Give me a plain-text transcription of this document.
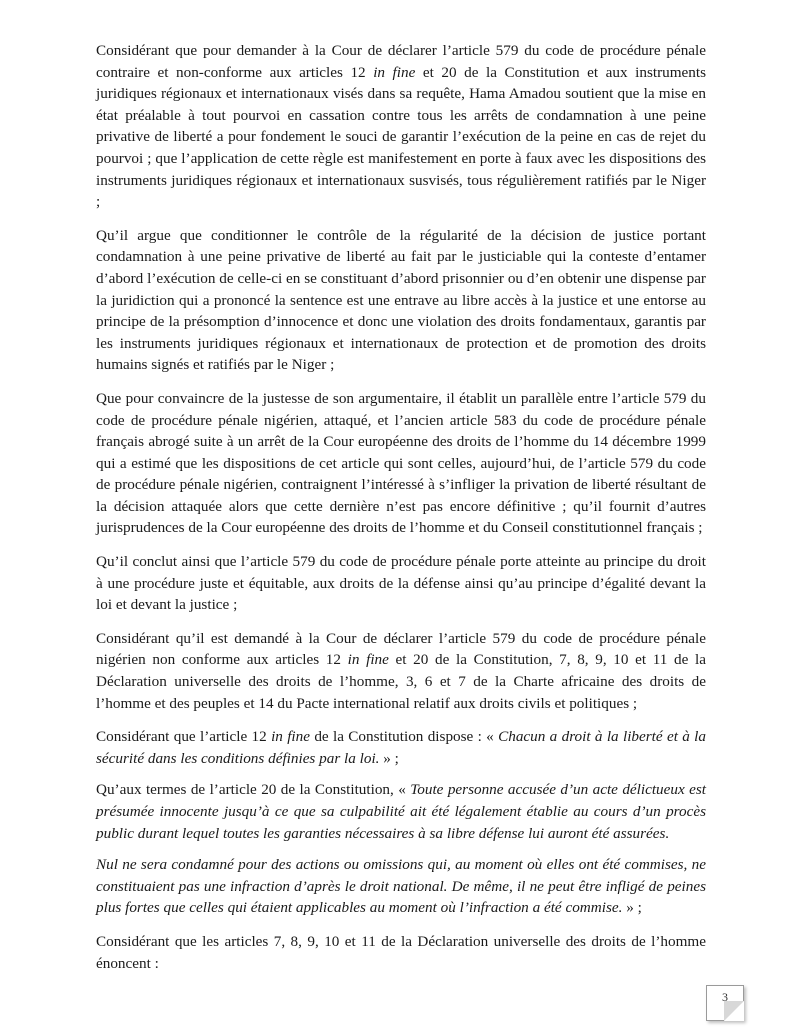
Considérant que pour demander à la Cour de déclarer l’article 579 du code de procédure pénale contraire et non-conforme aux articles 12 in fine et 20 de la Constitution et aux instruments juridiques régionaux et internationaux visés dans sa requête, Hama Amadou soutient que la mise en état préalable à tout pourvoi en cassation contre tous les arrêts de condamnation à une peine privative de liberté a pour fondement le souci de garantir l’exécution de la peine en cas de rejet du pourvoi ; que l’application de cette règle est manifestement en porte à faux avec les dispositions des instruments juridiques régionaux et internationaux susvisés, tous régulièrement ratifiés par le Niger ;

Qu’il argue que conditionner le contrôle de la régularité de la décision de justice portant condamnation à une peine privative de liberté au fait par le justiciable qui la conteste d’entamer d’abord l’exécution de celle-ci en se constituant d’abord prisonnier ou d’en obtenir une dispense par la juridiction qui a prononcé la sentence est une entrave au libre accès à la justice et une entorse au principe de la présomption d’innocence et donc une violation des droits fondamentaux, garantis par les instruments juridiques régionaux et internationaux de protection et de promotion des droits humains signés et ratifiés par le Niger ;

Que pour convaincre de la justesse de son argumentaire, il établit un parallèle entre l’article 579 du code de procédure pénale nigérien, attaqué, et l’ancien article 583 du code de procédure pénale français abrogé suite à un arrêt de la Cour européenne des droits de l’homme du 14 décembre 1999 qui a estimé que les dispositions de cet article qui sont celles, aujourd’hui, de l’article 579 du code de procédure pénale nigérien, contraignent l’intéressé à s’infliger la privation de liberté résultant de la décision attaquée alors que cette dernière n’est pas encore définitive ; qu’il fournit d’autres jurisprudences de la Cour européenne des droits de l’homme et du Conseil constitutionnel français ;

Qu’il conclut ainsi que l’article 579 du code de procédure pénale porte atteinte au principe du droit à une procédure juste et équitable, aux droits de la défense ainsi qu’au principe d’égalité devant la loi et devant la justice ;

Considérant qu’il est demandé à la Cour de déclarer l’article 579 du code de procédure pénale nigérien non conforme aux articles 12 in fine et 20 de la Constitution, 7, 8, 9, 10 et 11 de la Déclaration universelle des droits de l’homme, 3, 6 et 7 de la Charte africaine des droits de l’homme et des peuples et 14 du Pacte international relatif aux droits civils et politiques ;

Considérant que l’article 12 in fine de la Constitution dispose : « Chacun a droit à la liberté et à la sécurité dans les conditions définies par la loi. » ;

Qu’aux termes de l’article 20 de la Constitution, « Toute personne accusée d’un acte délictueux est présumée innocente jusqu’à ce que sa culpabilité ait été légalement établie au cours d’un procès public durant lequel toutes les garanties nécessaires à sa libre défense lui auront été assurées.

Nul ne sera condamné pour des actions ou omissions qui, au moment où elles ont été commises, ne constituaient pas une infraction d’après le droit national. De même, il ne peut être infligé de peines plus fortes que celles qui étaient applicables au moment où l’infraction a été commise. » ;

Considérant que les articles 7, 8, 9, 10 et 11 de la Déclaration universelle des droits de l’homme énoncent :

3
